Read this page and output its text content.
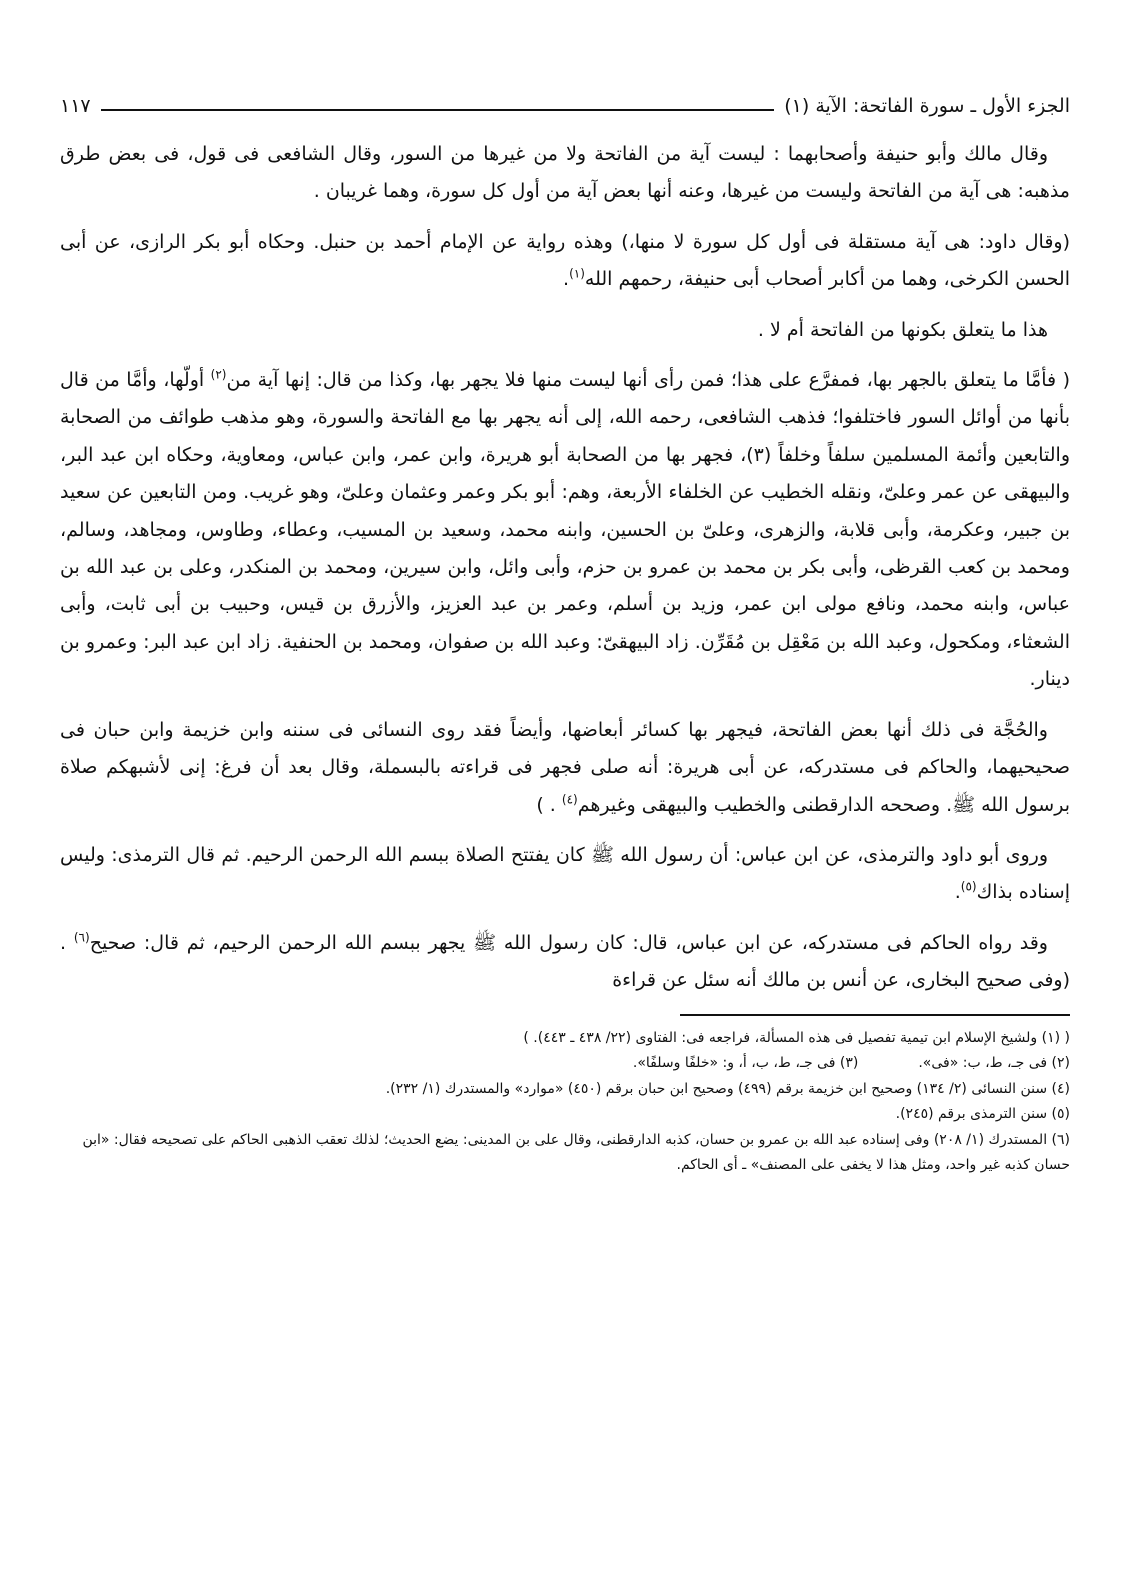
الجزء الأول ـ سورة الفاتحة: الآية (١)
١١٧

وقال مالك وأبو حنيفة وأصحابهما : ليست آية من الفاتحة ولا من غيرها من السور، وقال الشافعى فى قول، فى بعض طرق مذهبه: هى آية من الفاتحة وليست من غيرها، وعنه أنها بعض آية من أول كل سورة، وهما غريبان .

(وقال داود: هى آية مستقلة فى أول كل سورة لا منها،) وهذه رواية عن الإمام أحمد بن حنبل. وحكاه أبو بكر الرازى، عن أبى الحسن الكرخى، وهما من أكابر أصحاب أبى حنيفة، رحمهم الله$^{(١)}$.

هذا ما يتعلق بكونها من الفاتحة أم لا .

( فأمَّا ما يتعلق بالجهر بها، فمفرَّع على هذا؛ فمن رأى أنها ليست منها فلا يجهر بها، وكذا من قال: إنها آية من$^{(٢)}$ أولّها، وأمَّا من قال بأنها من أوائل السور فاختلفوا؛ فذهب الشافعى، رحمه الله، إلى أنه يجهر بها مع الفاتحة والسورة، وهو مذهب طوائف من الصحابة والتابعين وأئمة المسلمين سلفاً وخلفاً (٣)، فجهر بها من الصحابة أبو هريرة، وابن عمر، وابن عباس، ومعاوية، وحكاه ابن عبد البر، والبيهقى عن عمر وعلىّ، ونقله الخطيب عن الخلفاء الأربعة، وهم: أبو بكر وعمر وعثمان وعلىّ، وهو غريب. ومن التابعين عن سعيد بن جبير، وعكرمة، وأبى قلابة، والزهرى، وعلىّ بن الحسين، وابنه محمد، وسعيد بن المسيب، وعطاء، وطاوس، ومجاهد، وسالم، ومحمد بن كعب القرظى، وأبى بكر بن محمد بن عمرو بن حزم، وأبى وائل، وابن سيرين، ومحمد بن المنكدر، وعلى بن عبد الله بن عباس، وابنه محمد، ونافع مولى ابن عمر، وزيد بن أسلم، وعمر بن عبد العزيز، والأزرق بن قيس، وحبيب بن أبى ثابت، وأبى الشعثاء، ومكحول، وعبد الله بن مَعْقِل بن مُقَرِّن. زاد البيهقىّ: وعبد الله بن صفوان، ومحمد بن الحنفية. زاد ابن عبد البر: وعمرو بن دينار.

والحُجَّة فى ذلك أنها بعض الفاتحة، فيجهر بها كسائر أبعاضها، وأيضاً فقد روى النسائى فى سننه وابن خزيمة وابن حبان فى صحيحيهما، والحاكم فى مستدركه، عن أبى هريرة: أنه صلى فجهر فى قراءته بالبسملة، وقال بعد أن فرغ: إنى لأشبهكم صلاة برسول الله ﷺ. وصححه الدارقطنى والخطيب والبيهقى وغيرهم$^{(٤)}$ . )

وروى أبو داود والترمذى، عن ابن عباس: أن رسول الله ﷺ كان يفتتح الصلاة ببسم الله الرحمن الرحيم. ثم قال الترمذى: وليس إسناده بذاك$^{(٥)}$.

وقد رواه الحاكم فى مستدركه، عن ابن عباس، قال: كان رسول الله ﷺ يجهر ببسم الله الرحمن الرحيم، ثم قال: صحيح$^{(٦)}$ .(وفى صحيح البخارى، عن أنس بن مالك أنه سئل عن قراءة

( (١) ولشيخ الإسلام ابن تيمية تفصيل فى هذه المسألة، فراجعه فى: الفتاوى (٢٢/ ٤٣٨ ـ ٤٤٣). )

(٢) فى جـ، ط، ب: «فى».

(٣) فى جـ، ط، ب، أ، و: «خلفًا وسلفًا».

(٤) سنن النسائى (٢/ ١٣٤) وصحيح ابن خزيمة برقم (٤٩٩) وصحيح ابن حبان برقم (٤٥٠) «موارد» والمستدرك (١/ ٢٣٢).

(٥) سنن الترمذى برقم (٢٤٥).

(٦) المستدرك (١/ ٢٠٨) وفى إسناده عبد الله بن عمرو بن حسان، كذبه الدارقطنى، وقال على بن المدينى: يضع الحديث؛ لذلك تعقب الذهبى الحاكم على تصحيحه فقال: «ابن حسان كذبه غير واحد، ومثل هذا لا يخفى على المصنف» ـ أى الحاكم.
